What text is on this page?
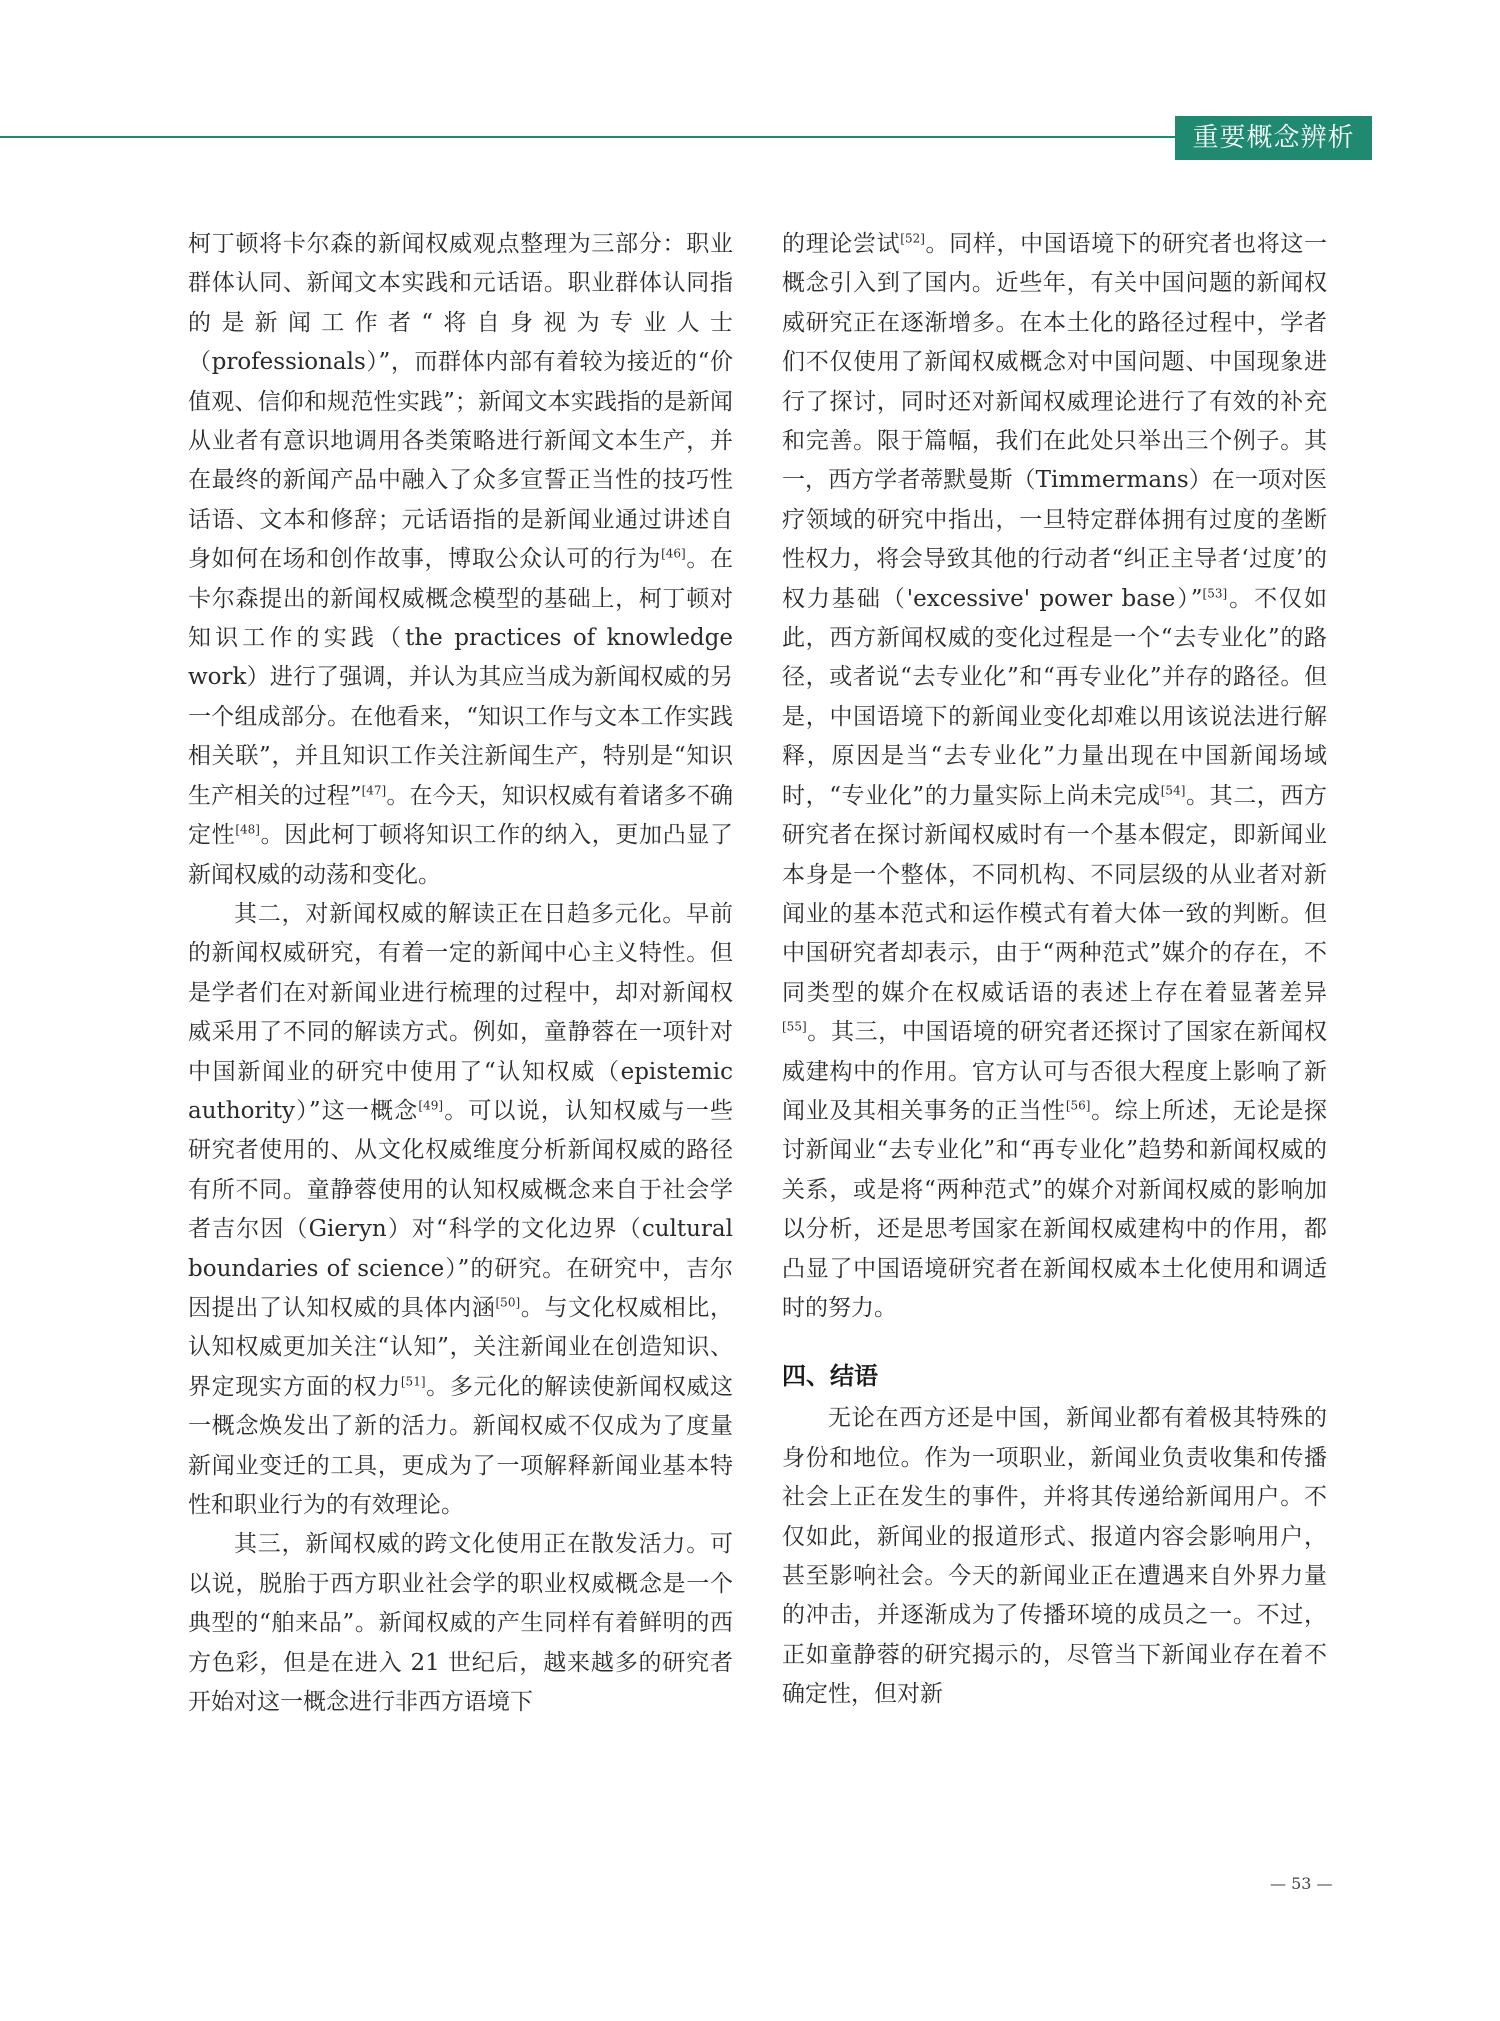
重要概念辨析

柯丁顿将卡尔森的新闻权威观点整理为三部分：职业群体认同、新闻文本实践和元话语。职业群体认同指的是新闻工作者“将自身视为专业人士（professionals）”，而群体内部有着较为接近的“价值观、信仰和规范性实践”；新闻文本实践指的是新闻从业者有意识地调用各类策略进行新闻文本生产，并在最终的新闻产品中融入了众多宣誓正当性的技巧性话语、文本和修辞；元话语指的是新闻业通过讲述自身如何在场和创作故事，博取公众认可的行为[46]。在卡尔森提出的新闻权威概念模型的基础上，柯丁顿对知识工作的实践（the practices of knowledge work）进行了强调，并认为其应当成为新闻权威的另一个组成部分。在他看来，“知识工作与文本工作实践相关联”，并且知识工作关注新闻生产，特别是“知识生产相关的过程”[47]。在今天，知识权威有着诸多不确定性[48]。因此柯丁顿将知识工作的纳入，更加凸显了新闻权威的动荡和变化。

其二，对新闻权威的解读正在日趋多元化。早前的新闻权威研究，有着一定的新闻中心主义特性。但是学者们在对新闻业进行梳理的过程中，却对新闻权威采用了不同的解读方式。例如，童静蓉在一项针对中国新闻业的研究中使用了“认知权威（epistemic authority）”这一概念[49]。可以说，认知权威与一些研究者使用的、从文化权威维度分析新闻权威的路径有所不同。童静蓉使用的认知权威概念来自于社会学者吉尔因（Gieryn）对“科学的文化边界（cultural boundaries of science）”的研究。在研究中，吉尔因提出了认知权威的具体内涵[50]。与文化权威相比，认知权威更加关注“认知”，关注新闻业在创造知识、界定现实方面的权力[51]。多元化的解读使新闻权威这一概念焕发出了新的活力。新闻权威不仅成为了度量新闻业变迁的工具，更成为了一项解释新闻业基本特性和职业行为的有效理论。

其三，新闻权威的跨文化使用正在散发活力。可以说，脱胎于西方职业社会学的职业权威概念是一个典型的“舶来品”。新闻权威的产生同样有着鲜明的西方色彩，但是在进入 21 世纪后，越来越多的研究者开始对这一概念进行非西方语境下

的理论尝试[52]。同样，中国语境下的研究者也将这一概念引入到了国内。近些年，有关中国问题的新闻权威研究正在逐渐增多。在本土化的路径过程中，学者们不仅使用了新闻权威概念对中国问题、中国现象进行了探讨，同时还对新闻权威理论进行了有效的补充和完善。限于篇幅，我们在此处只举出三个例子。其一，西方学者蒂默曼斯（Timmermans）在一项对医疗领域的研究中指出，一旦特定群体拥有过度的垄断性权力，将会导致其他的行动者“纠正主导者‘过度’的权力基础（'excessive' power base）”[53]。不仅如此，西方新闻权威的变化过程是一个“去专业化”的路径，或者说“去专业化”和“再专业化”并存的路径。但是，中国语境下的新闻业变化却难以用该说法进行解释，原因是当“去专业化”力量出现在中国新闻场域时，“专业化”的力量实际上尚未完成[54]。其二，西方研究者在探讨新闻权威时有一个基本假定，即新闻业本身是一个整体，不同机构、不同层级的从业者对新闻业的基本范式和运作模式有着大体一致的判断。但中国研究者却表示，由于“两种范式”媒介的存在，不同类型的媒介在权威话语的表述上存在着显著差异[55]。其三，中国语境的研究者还探讨了国家在新闻权威建构中的作用。官方认可与否很大程度上影响了新闻业及其相关事务的正当性[56]。综上所述，无论是探讨新闻业“去专业化”和“再专业化”趋势和新闻权威的关系，或是将“两种范式”的媒介对新闻权威的影响加以分析，还是思考国家在新闻权威建构中的作用，都凸显了中国语境研究者在新闻权威本土化使用和调适时的努力。

四、结语

无论在西方还是中国，新闻业都有着极其特殊的身份和地位。作为一项职业，新闻业负责收集和传播社会上正在发生的事件，并将其传递给新闻用户。不仅如此，新闻业的报道形式、报道内容会影响用户，甚至影响社会。今天的新闻业正在遭遇来自外界力量的冲击，并逐渐成为了传播环境的成员之一。不过，正如童静蓉的研究揭示的，尽管当下新闻业存在着不确定性，但对新

— 53 —
